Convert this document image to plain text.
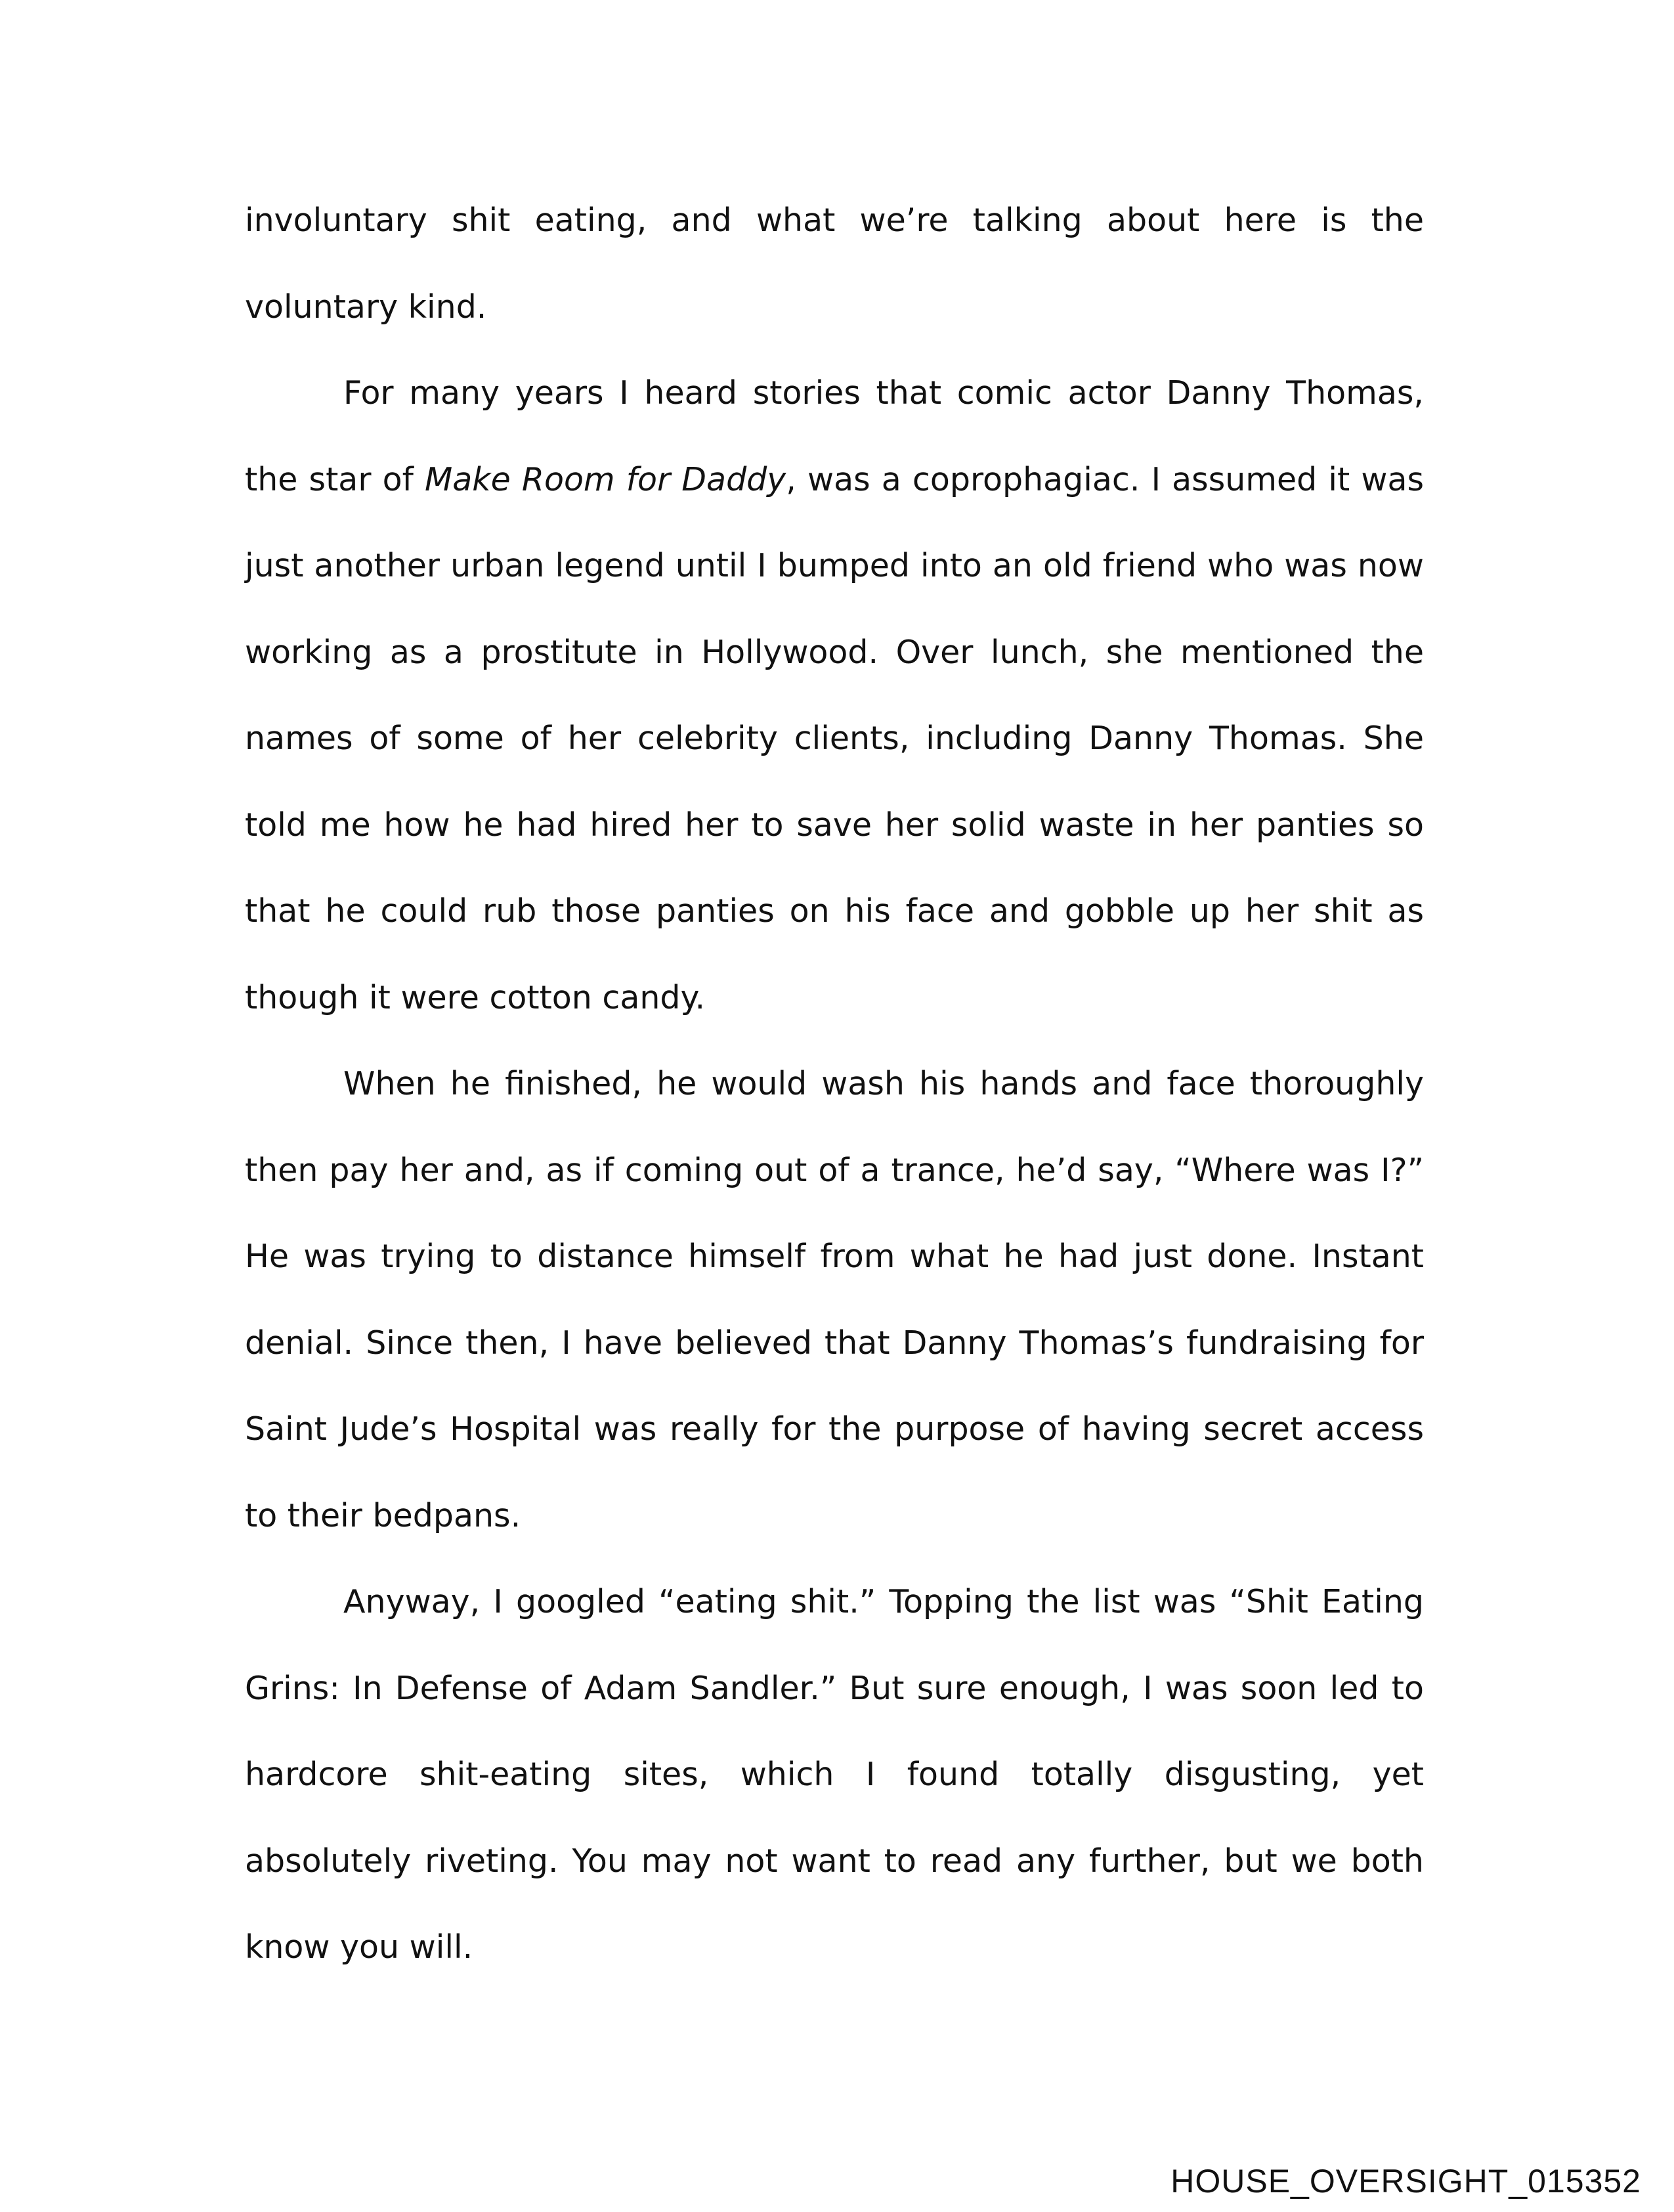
involuntary shit eating, and what we’re talking about here is the voluntary kind.

For many years I heard stories that comic actor Danny Thomas, the star of Make Room for Daddy, was a coprophagiac. I assumed it was just another urban legend until I bumped into an old friend who was now working as a prostitute in Hollywood. Over lunch, she mentioned the names of some of her celebrity clients, including Danny Thomas. She told me how he had hired her to save her solid waste in her panties so that he could rub those panties on his face and gobble up her shit as though it were cotton candy.

When he finished, he would wash his hands and face thoroughly then pay her and, as if coming out of a trance, he’d say, “Where was I?” He was trying to distance himself from what he had just done. Instant denial. Since then, I have believed that Danny Thomas’s fundraising for Saint Jude’s Hospital was really for the purpose of having secret access to their bedpans.

Anyway, I googled “eating shit.” Topping the list was “Shit Eating Grins: In Defense of Adam Sandler.” But sure enough, I was soon led to hardcore shit-eating sites, which I found totally disgusting, yet absolutely riveting. You may not want to read any further, but we both know you will.

HOUSE_OVERSIGHT_015352
